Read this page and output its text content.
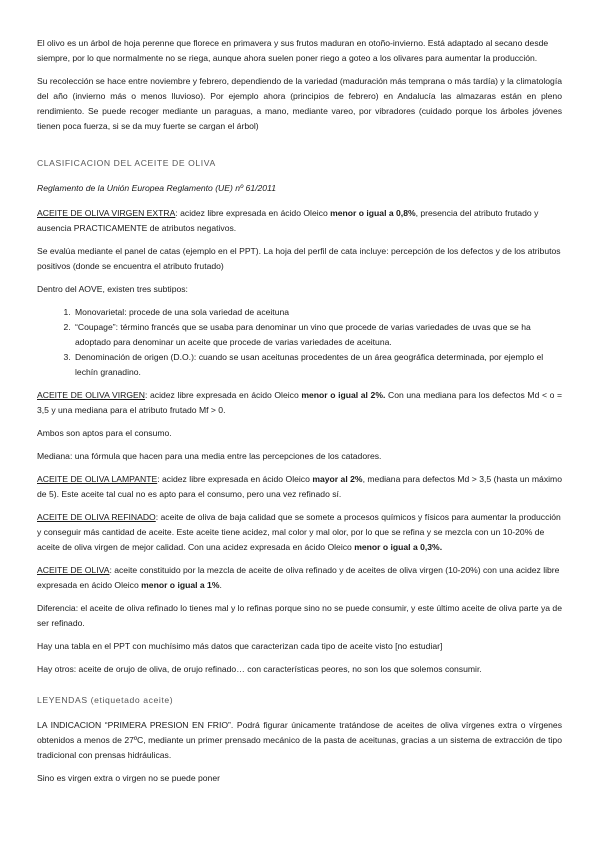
El olivo es un árbol de hoja perenne que florece en primavera y sus frutos maduran en otoño-invierno. Está adaptado al secano desde siempre, por lo que normalmente no se riega, aunque ahora suelen poner riego a goteo a los olivares para aumentar la producción.

Su recolección se hace entre noviembre y febrero, dependiendo de la variedad (maduración más temprana o más tardía) y la climatología del año (invierno más o menos lluvioso). Por ejemplo ahora (principios de febrero) en Andalucía las almazaras están en pleno rendimiento. Se puede recoger mediante un paraguas, a mano, mediante vareo, por vibradores (cuidado porque los árboles jóvenes tienen poca fuerza, si se da muy fuerte se cargan el árbol)

CLASIFICACION DEL ACEITE DE OLIVA

Reglamento de la Unión Europea Reglamento (UE) nº 61/2011

ACEITE DE OLIVA VIRGEN EXTRA: acidez libre expresada en ácido Oleico menor o igual a 0,8%, presencia del atributo frutado y ausencia PRACTICAMENTE de atributos negativos.

Se evalúa mediante el panel de catas (ejemplo en el PPT). La hoja del perfil de cata incluye: percepción de los defectos y de los atributos positivos (donde se encuentra el atributo frutado)

Dentro del AOVE, existen tres subtipos:

1. Monovarietal: procede de una sola variedad de aceituna
2. “Coupage”: término francés que se usaba para denominar un vino que procede de varias variedades de uvas que se ha adoptado para denominar un aceite que procede de varias variedades de aceituna.
3. Denominación de origen (D.O.): cuando se usan aceitunas procedentes de un área geográfica determinada, por ejemplo el lechín granadino.

ACEITE DE OLIVA VIRGEN: acidez libre expresada en ácido Oleico menor o igual al 2%. Con una mediana para los defectos Md < o = 3,5 y una mediana para el atributo frutado Mf > 0.

Ambos son aptos para el consumo.

Mediana: una fórmula que hacen para una media entre las percepciones de los catadores.

ACEITE DE OLIVA LAMPANTE: acidez libre expresada en ácido Oleico mayor al 2%, mediana para defectos Md > 3,5 (hasta un máximo de 5). Este aceite tal cual no es apto para el consumo, pero una vez refinado sí.

ACEITE DE OLIVA REFINADO: aceite de oliva de baja calidad que se somete a procesos químicos y físicos para aumentar la producción y conseguir más cantidad de aceite. Este aceite tiene acidez, mal color y mal olor, por lo que se refina y se mezcla con un 10-20% de aceite de oliva virgen de mejor calidad. Con una acidez expresada en ácido Oleico menor o igual a 0,3%.

ACEITE DE OLIVA: aceite constituido por la mezcla de aceite de oliva refinado y de aceites de oliva virgen (10-20%) con una acidez libre expresada en ácido Oleico menor o igual a 1%.

Diferencia: el aceite de oliva refinado lo tienes mal y lo refinas porque sino no se puede consumir, y este último aceite de oliva parte ya de ser refinado.

Hay una tabla en el PPT con muchísimo más datos que caracterizan cada tipo de aceite visto [no estudiar]

Hay otros: aceite de orujo de oliva, de orujo refinado… con características peores, no son los que solemos consumir.

LEYENDAS (etiquetado aceite)

LA INDICACION “PRIMERA PRESION EN FRIO”. Podrá figurar únicamente tratándose de aceites de oliva vírgenes extra o vírgenes obtenidos a menos de 27ºC, mediante un primer prensado mecánico de la pasta de aceitunas, gracias a un sistema de extracción de tipo tradicional con prensas hidráulicas.

Sino es virgen extra o virgen no se puede poner
